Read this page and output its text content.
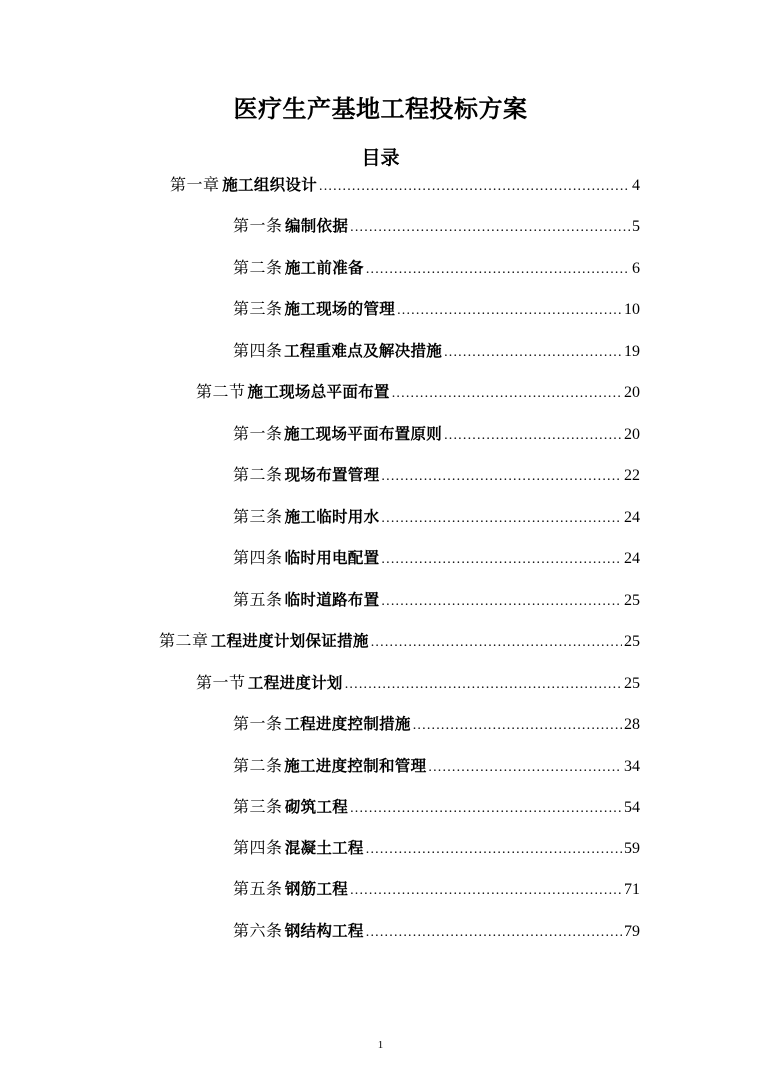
医疗生产基地工程投标方案
目录
第一章 施工组织设计 .....	4
第一条 编制依据 .....	5
第二条 施工前准备 .....	6
第三条 施工现场的管理 .....	10
第四条 工程重难点及解决措施 .....	19
第二节 施工现场总平面布置 .....	20
第一条 施工现场平面布置原则 .....	20
第二条 现场布置管理 .....	22
第三条 施工临时用水 .....	24
第四条 临时用电配置 .....	24
第五条 临时道路布置 .....	25
第二章 工程进度计划保证措施 .....	25
第一节 工程进度计划 .....	25
第一条 工程进度控制措施 .....	28
第二条 施工进度控制和管理 .....	34
第三条 砌筑工程 .....	54
第四条 混凝土工程 .....	59
第五条 钢筋工程 .....	71
第六条 钢结构工程 .....	79
1
